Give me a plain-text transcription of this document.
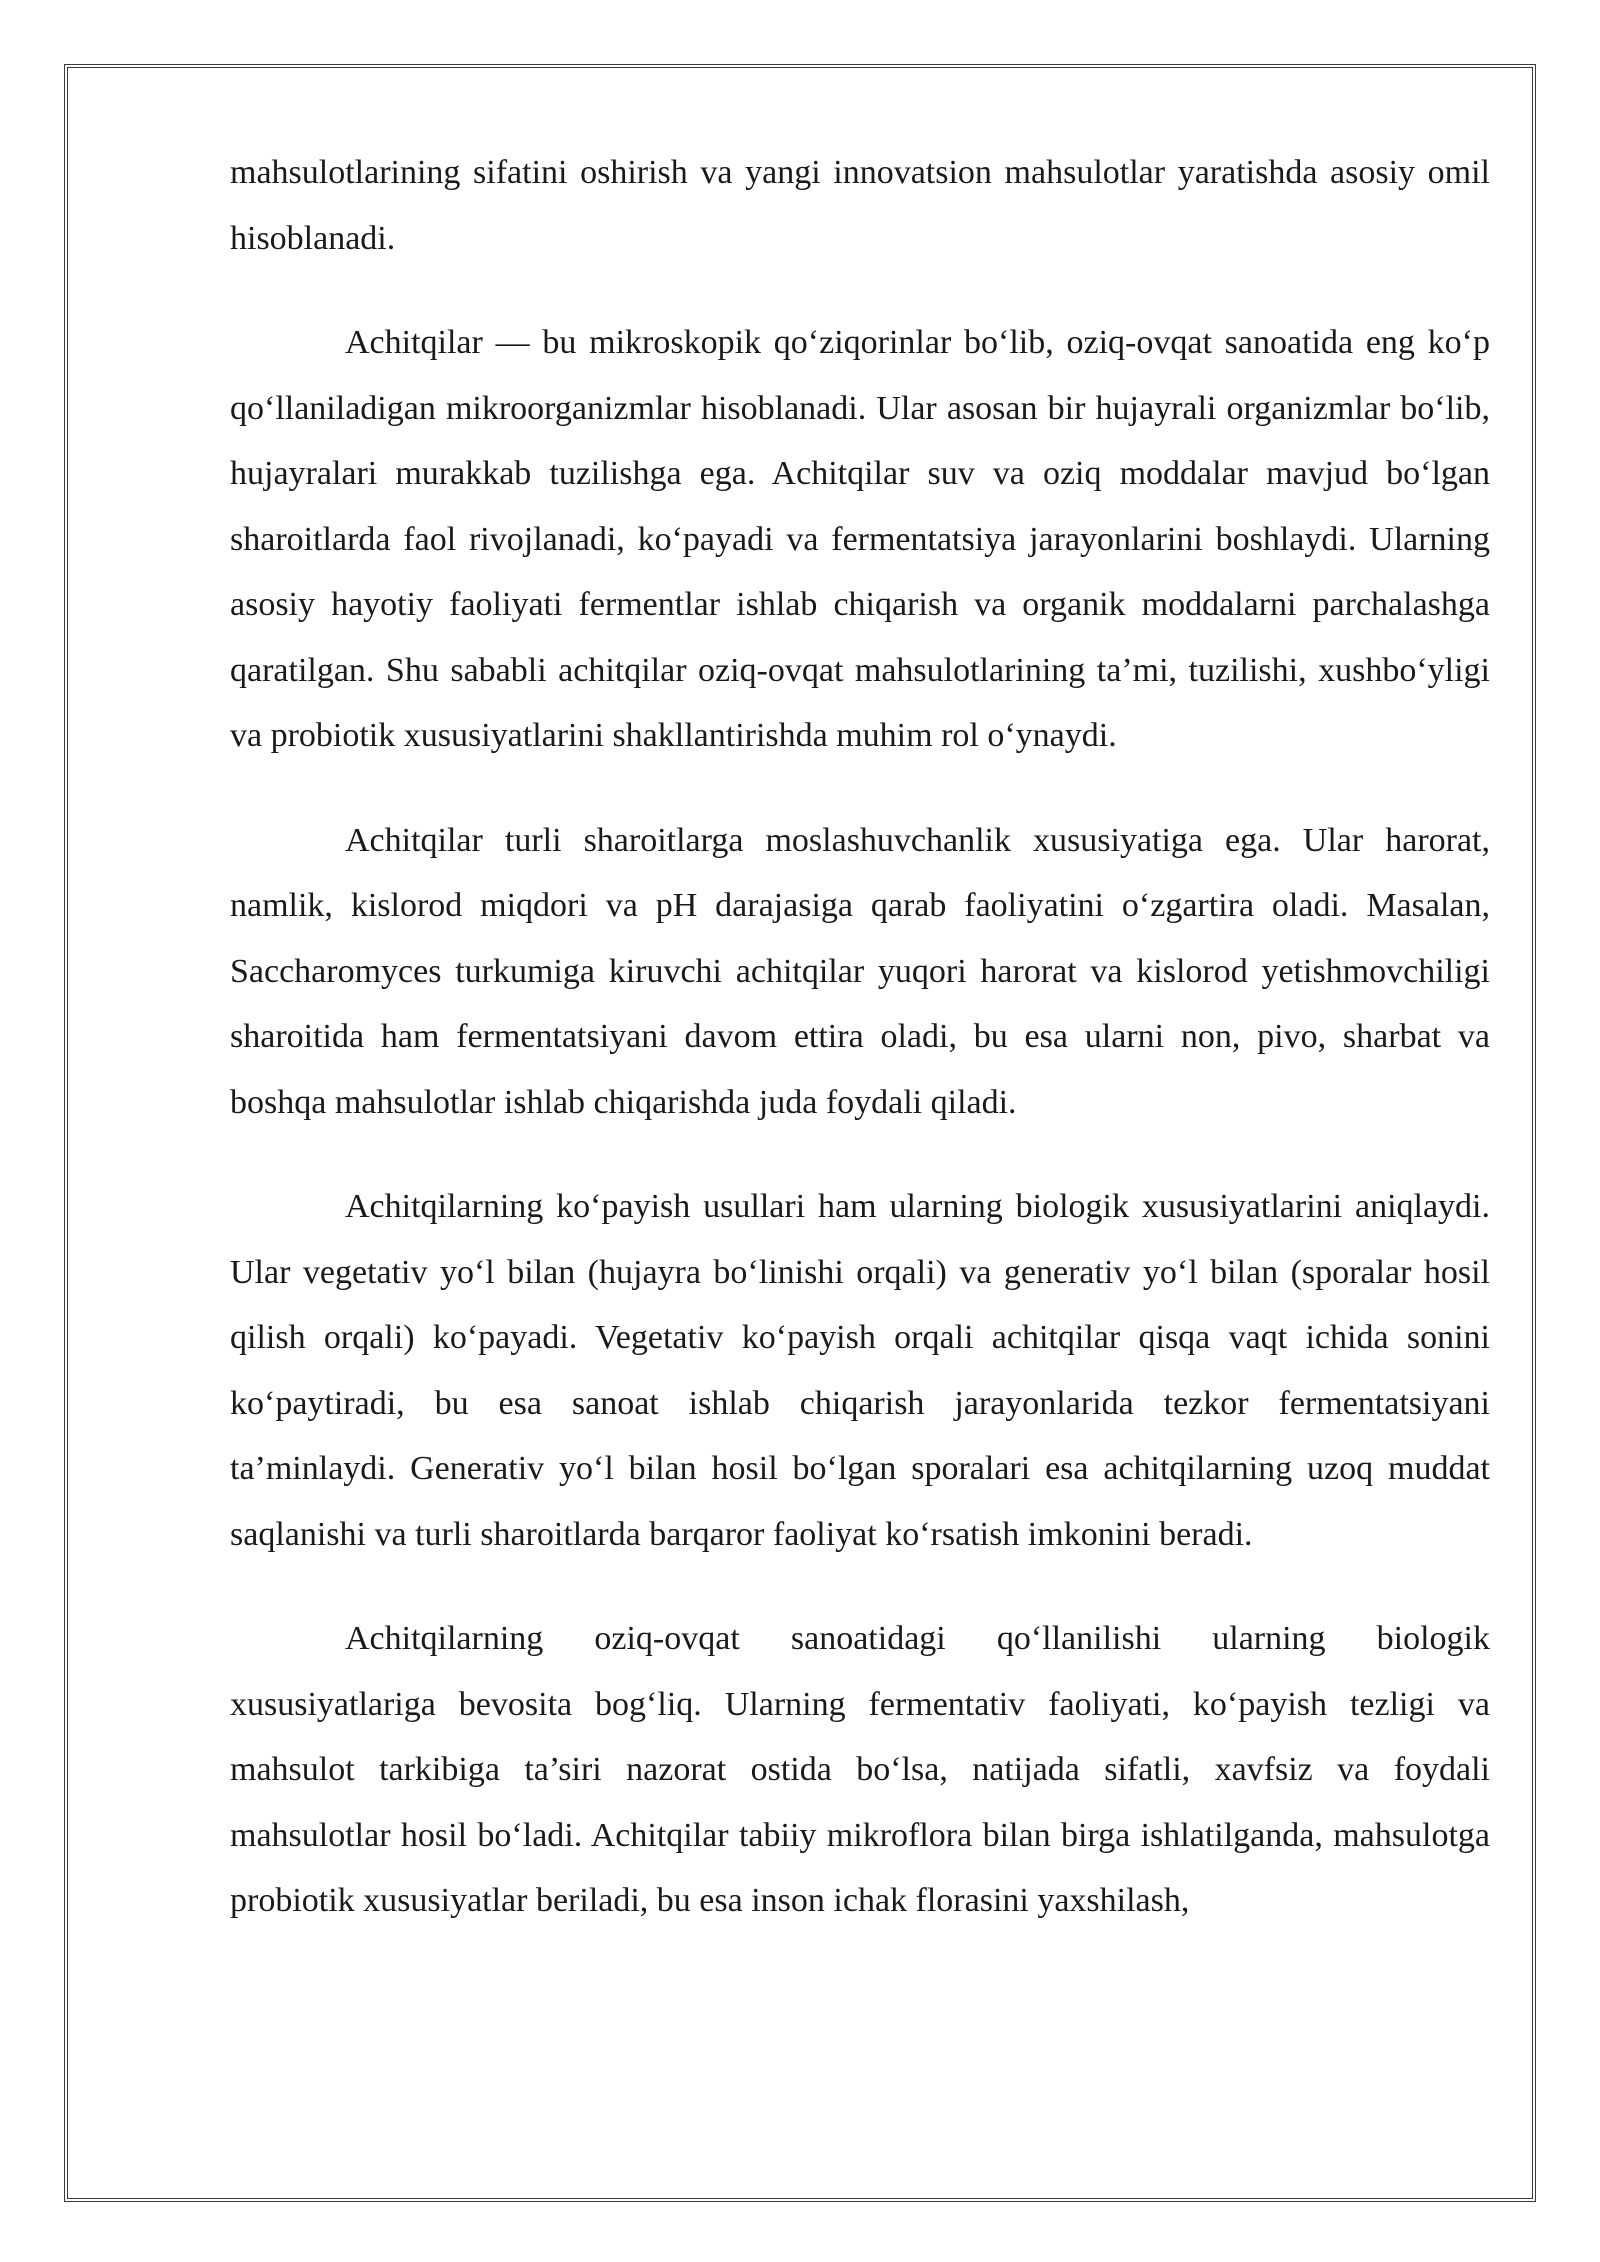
mahsulotlarining sifatini oshirish va yangi innovatsion mahsulotlar yaratishda asosiy omil hisoblanadi.

Achitqilar — bu mikroskopik qo‘ziqorinlar bo‘lib, oziq-ovqat sanoatida eng ko‘p qo‘llaniladigan mikroorganizmlar hisoblanadi. Ular asosan bir hujayrali organizmlar bo‘lib, hujayralari murakkab tuzilishga ega. Achitqilar suv va oziq moddalar mavjud bo‘lgan sharoitlarda faol rivojlanadi, ko‘payadi va fermentatsiya jarayonlarini boshlaydi. Ularning asosiy hayotiy faoliyati fermentlar ishlab chiqarish va organik moddalarni parchalashga qaratilgan. Shu sababli achitqilar oziq-ovqat mahsulotlarining ta’mi, tuzilishi, xushbo‘yligi va probiotik xususiyatlarini shakllantirishda muhim rol o‘ynaydi.

Achitqilar turli sharoitlarga moslashuvchanlik xususiyatiga ega. Ular harorat, namlik, kislorod miqdori va pH darajasiga qarab faoliyatini o‘zgartira oladi. Masalan, Saccharomyces turkumiga kiruvchi achitqilar yuqori harorat va kislorod yetishmovchiligi sharoitida ham fermentatsiyani davom ettira oladi, bu esa ularni non, pivo, sharbat va boshqa mahsulotlar ishlab chiqarishda juda foydali qiladi.

Achitqilarning ko‘payish usullari ham ularning biologik xususiyatlarini aniqlaydi. Ular vegetativ yo‘l bilan (hujayra bo‘linishi orqali) va generativ yo‘l bilan (sporalar hosil qilish orqali) ko‘payadi. Vegetativ ko‘payish orqali achitqilar qisqa vaqt ichida sonini ko‘paytiradi, bu esa sanoat ishlab chiqarish jarayonlarida tezkor fermentatsiyani ta’minlaydi. Generativ yo‘l bilan hosil bo‘lgan sporalari esa achitqilarning uzoq muddat saqlanishi va turli sharoitlarda barqaror faoliyat ko‘rsatish imkonini beradi.

Achitqilarning oziq-ovqat sanoatidagi qo‘llanilishi ularning biologik xususiyatlariga bevosita bog‘liq. Ularning fermentativ faoliyati, ko‘payish tezligi va mahsulot tarkibiga ta’siri nazorat ostida bo‘lsa, natijada sifatli, xavfsiz va foydali mahsulotlar hosil bo‘ladi. Achitqilar tabiiy mikroflora bilan birga ishlatilganda, mahsulotga probiotik xususiyatlar beriladi, bu esa inson ichak florasini yaxshilash,
